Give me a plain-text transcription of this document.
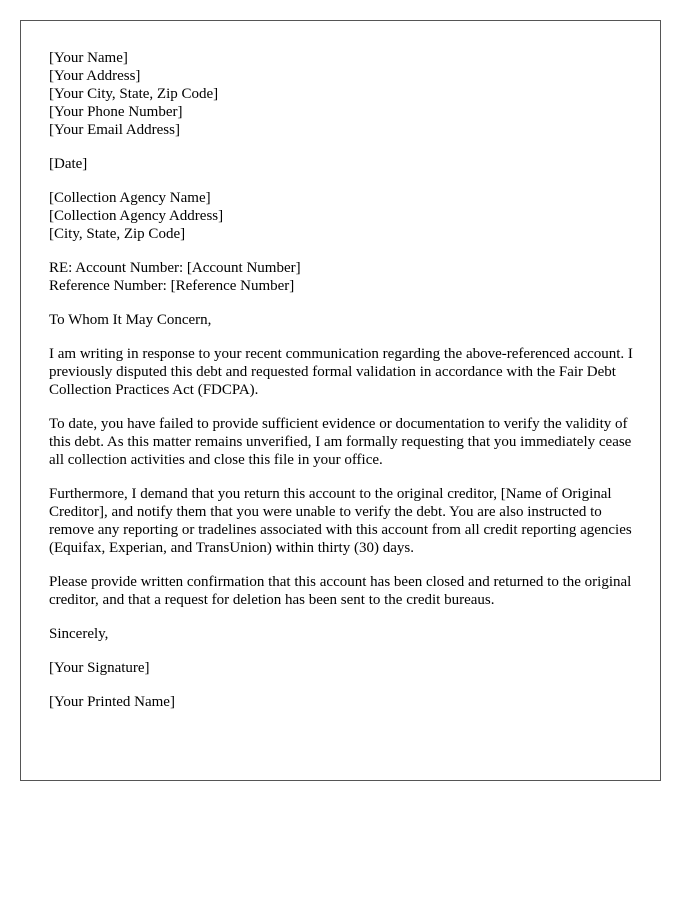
[Your Name]
[Your Address]
[Your City, State, Zip Code]
[Your Phone Number]
[Your Email Address]

[Date]

[Collection Agency Name]
[Collection Agency Address]
[City, State, Zip Code]

RE: Account Number: [Account Number]
Reference Number: [Reference Number]

To Whom It May Concern,

I am writing in response to your recent communication regarding the above-referenced account. I previously disputed this debt and requested formal validation in accordance with the Fair Debt Collection Practices Act (FDCPA).

To date, you have failed to provide sufficient evidence or documentation to verify the validity of this debt. As this matter remains unverified, I am formally requesting that you immediately cease all collection activities and close this file in your office.

Furthermore, I demand that you return this account to the original creditor, [Name of Original Creditor], and notify them that you were unable to verify the debt. You are also instructed to remove any reporting or tradelines associated with this account from all credit reporting agencies (Equifax, Experian, and TransUnion) within thirty (30) days.

Please provide written confirmation that this account has been closed and returned to the original creditor, and that a request for deletion has been sent to the credit bureaus.

Sincerely,

[Your Signature]

[Your Printed Name]
